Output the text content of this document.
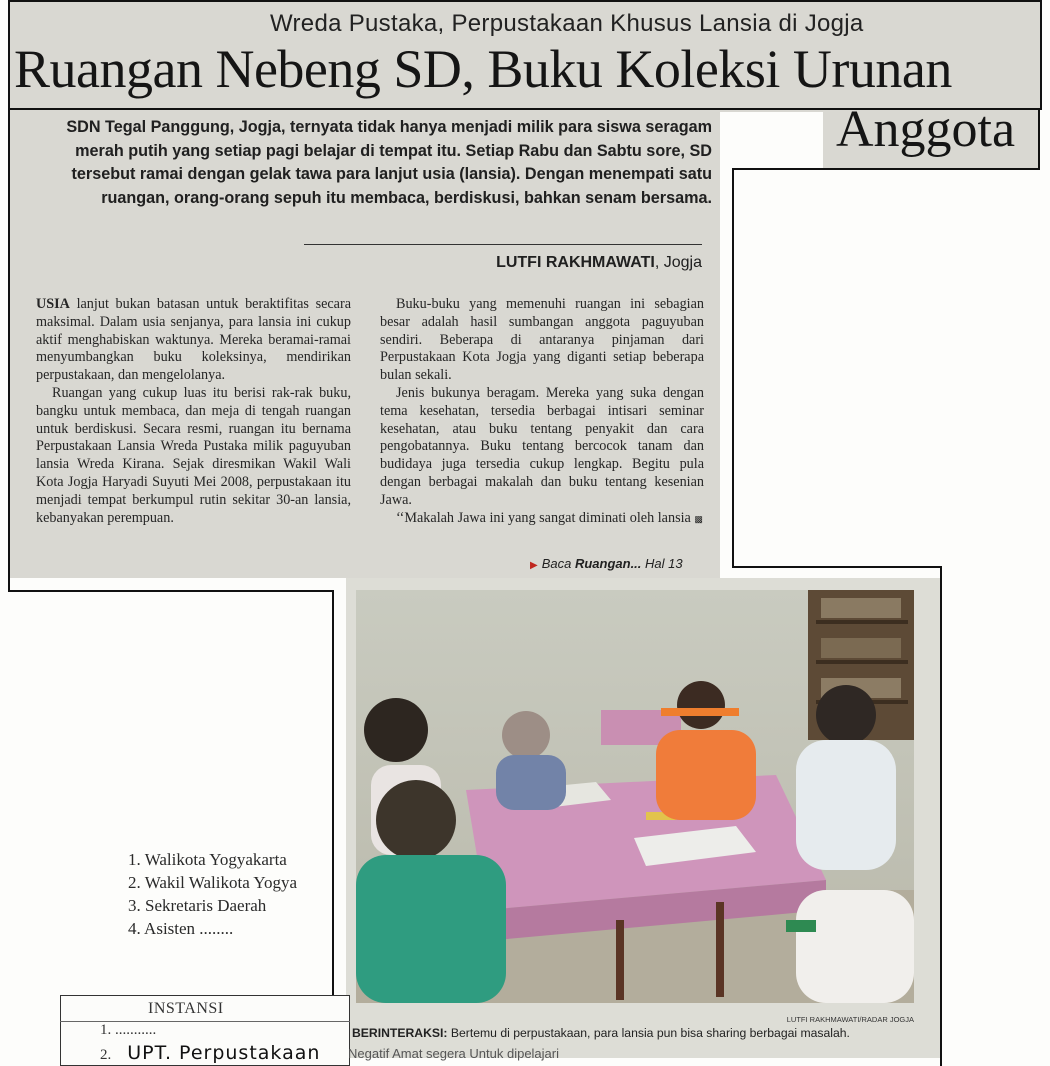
Wreda Pustaka, Perpustakaan Khusus Lansia di Jogja
Ruangan Nebeng SD, Buku Koleksi Urunan
Anggota
SDN Tegal Panggung, Jogja, ternyata tidak hanya menjadi milik para siswa seragam merah putih yang setiap pagi belajar di tempat itu. Setiap Rabu dan Sabtu sore, SD tersebut ramai dengan gelak tawa para lanjut usia (lansia). Dengan menempati satu ruangan, orang-orang sepuh itu membaca, berdiskusi, bahkan senam bersama.
LUTFI RAKHMAWATI, Jogja

USIA lanjut bukan batasan untuk beraktifitas secara maksimal. Dalam usia senjanya, para lansia ini cukup aktif menghabiskan waktunya. Mereka beramai-ramai menyumbangkan buku koleksinya, mendirikan perpustakaan, dan mengelolanya.

Ruangan yang cukup luas itu berisi rak-rak buku, bangku untuk membaca, dan meja di tengah ruangan untuk berdiskusi. Secara resmi, ruangan itu bernama Perpustakaan Lansia Wreda Pustaka milik paguyuban lansia Wreda Kirana. Sejak diresmikan Wakil Wali Kota Jogja Haryadi Suyuti Mei 2008, perpustakaan itu menjadi tempat berkumpul rutin sekitar 30-an lansia, kebanyakan perempuan.

Buku-buku yang memenuhi ruangan ini sebagian besar adalah hasil sumbangan anggota paguyuban sendiri. Beberapa di antaranya pinjaman dari Perpustakaan Kota Jogja yang diganti setiap beberapa bulan sekali.

Jenis bukunya beragam. Mereka yang suka dengan tema kesehatan, tersedia berbagai intisari seminar kesehatan, atau buku tentang penyakit dan cara pengobatannya. Buku tentang bercocok tanam dan budidaya juga tersedia cukup lengkap. Begitu pula dengan berbagai makalah dan buku tentang kesenian Jawa.

‘‘Makalah Jawa ini yang sangat diminati oleh lansia ▩

▶ Baca Ruangan... Hal 13
LUTFI RAKHMAWATI/RADAR JOGJA
BERINTERAKSI: Bertemu di perpustakaan, para lansia pun bisa sharing berbagai masalah.
1. Walikota Yogyakarta
2. Wakil Walikota Yogya
3. Sekretaris Daerah
4. Asisten ........
INSTANSI
1. ...........
2. UPT. Perpustakaan Negatif Amat segera Untuk dipelajari
